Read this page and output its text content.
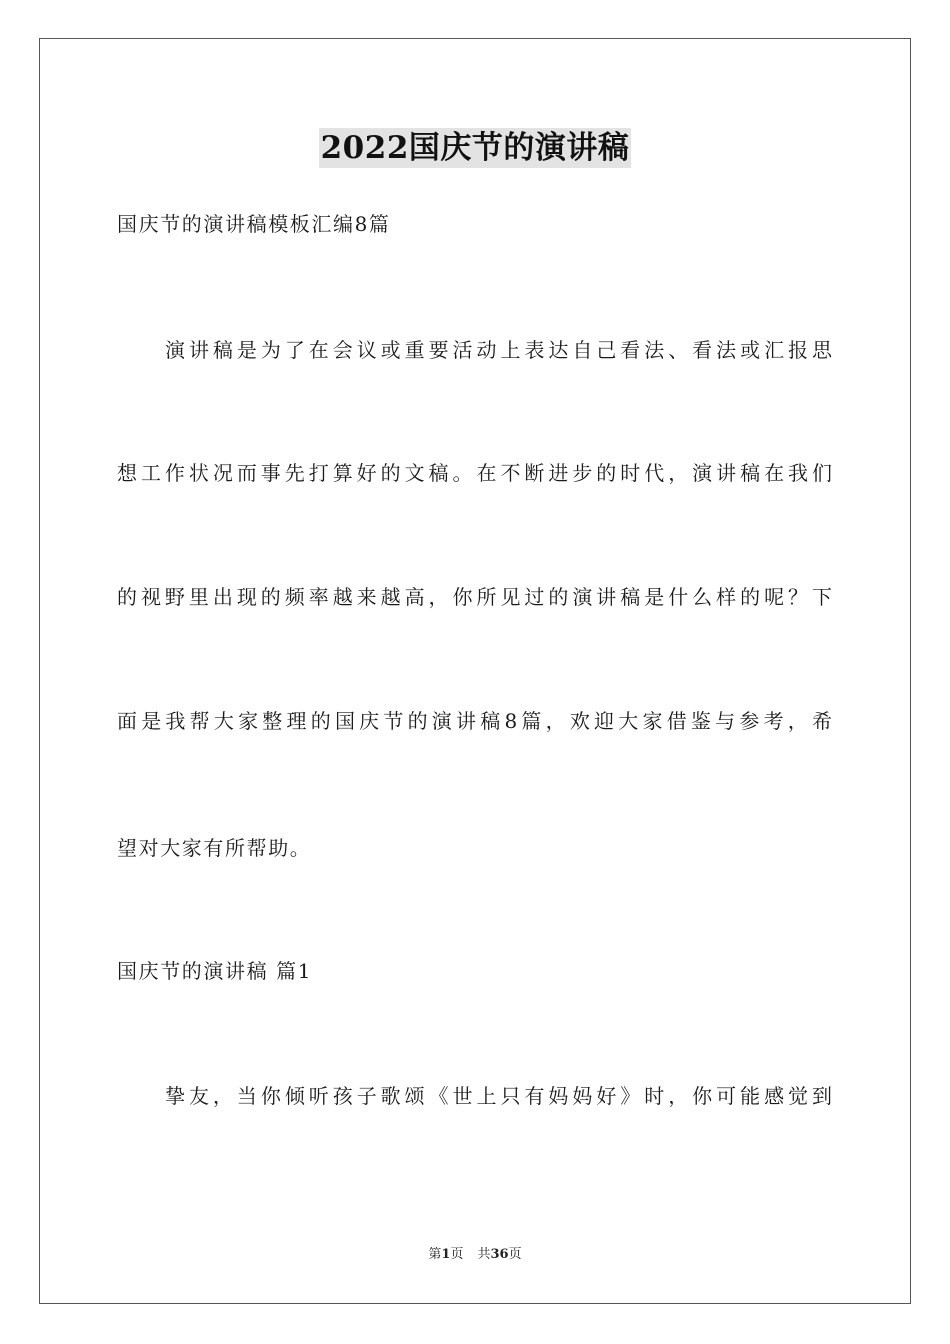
2022国庆节的演讲稿
国庆节的演讲稿模板汇编8篇
演讲稿是为了在会议或重要活动上表达自己看法、看法或汇报思
想工作状况而事先打算好的文稿。在不断进步的时代，演讲稿在我们
的视野里出现的频率越来越高，你所见过的演讲稿是什么样的呢？下
面是我帮大家整理的国庆节的演讲稿8篇，欢迎大家借鉴与参考，希
望对大家有所帮助。
国庆节的演讲稿 篇1
挚友，当你倾听孩子歌颂《世上只有妈妈好》时，你可能感觉到
第1页 共36页
